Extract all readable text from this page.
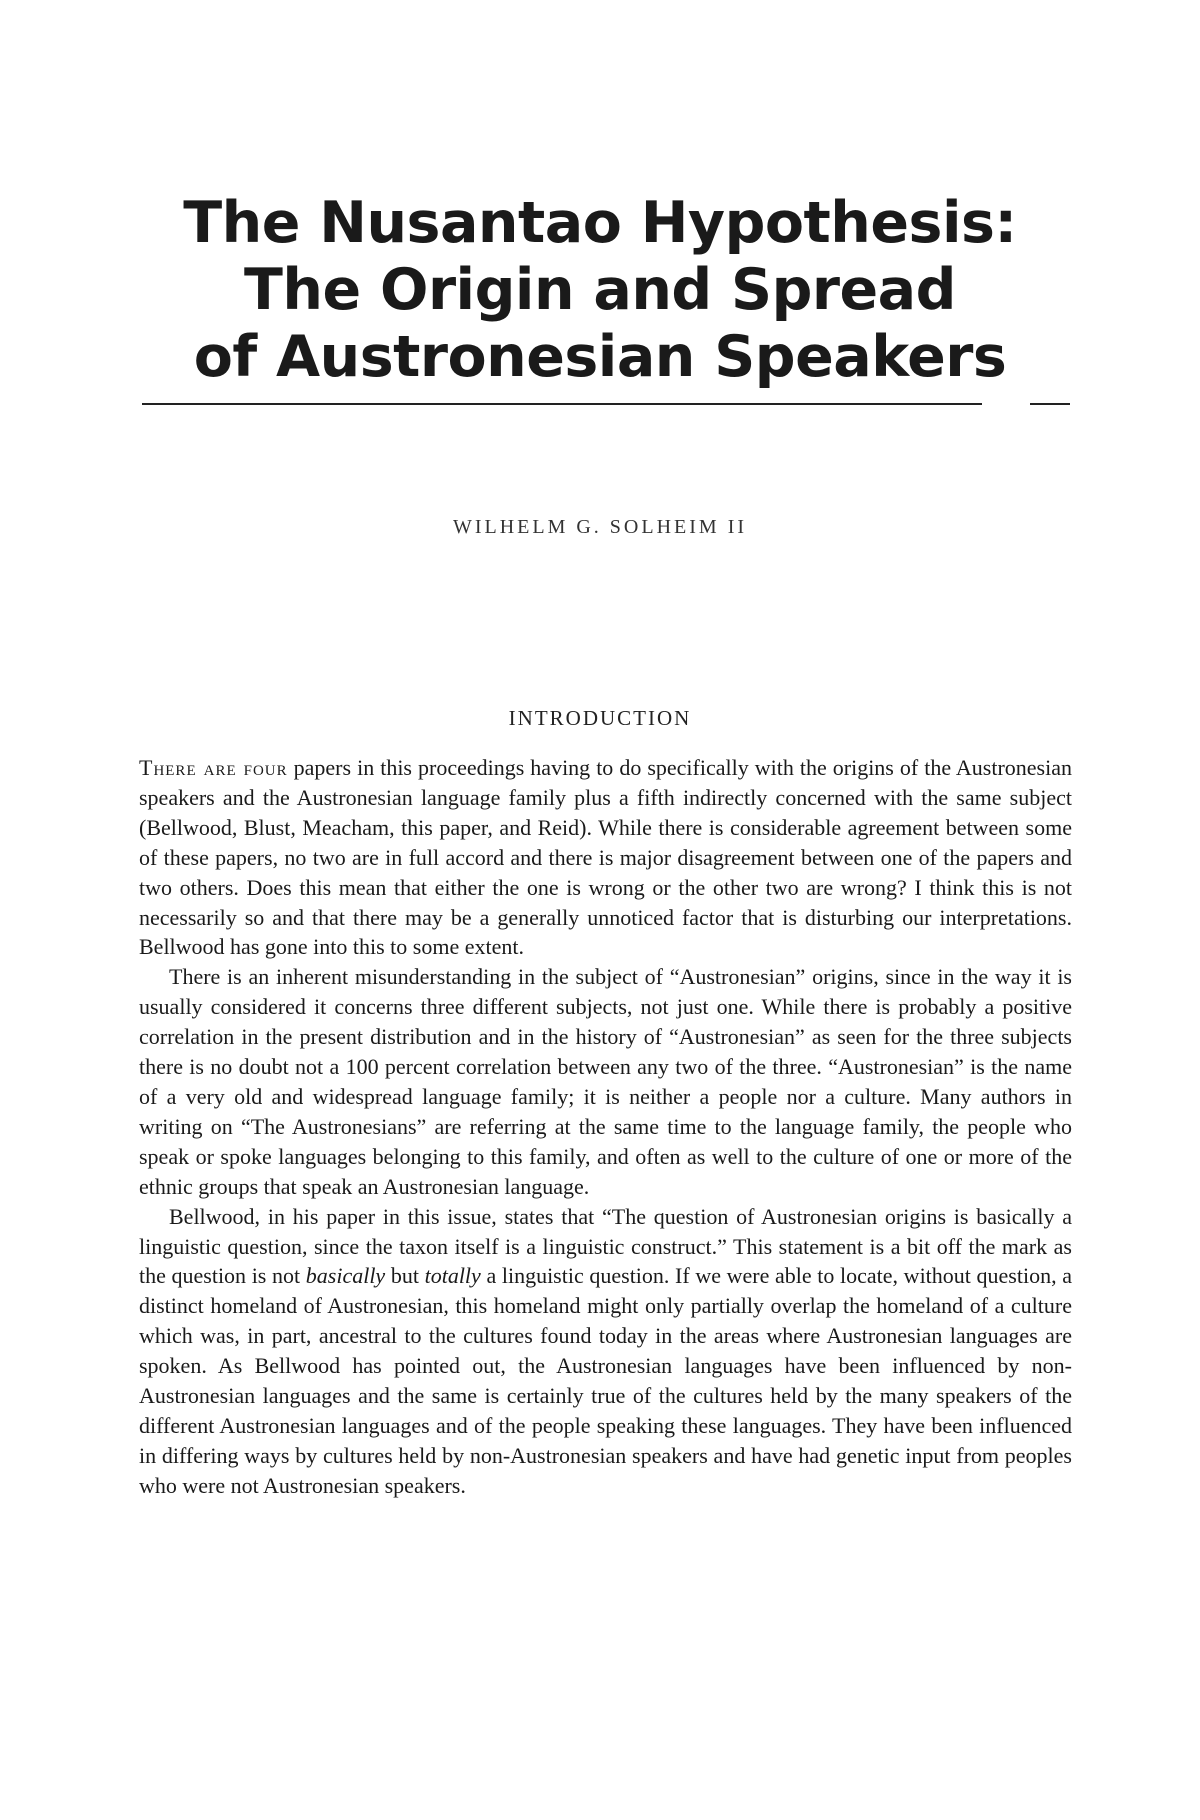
The Nusantao Hypothesis:
The Origin and Spread
of Austronesian Speakers
WILHELM G. SOLHEIM II
INTRODUCTION

There are four papers in this proceedings having to do specifically with the origins of the Austronesian speakers and the Austronesian language family plus a fifth indirectly concerned with the same subject (Bellwood, Blust, Meacham, this paper, and Reid). While there is considerable agreement between some of these papers, no two are in full accord and there is major disagreement between one of the papers and two others. Does this mean that either the one is wrong or the other two are wrong? I think this is not necessarily so and that there may be a generally unnoticed factor that is disturbing our interpretations. Bellwood has gone into this to some extent.

There is an inherent misunderstanding in the subject of “Austronesian” origins, since in the way it is usually considered it concerns three different subjects, not just one. While there is probably a positive correlation in the present distribution and in the history of “Austronesian” as seen for the three subjects there is no doubt not a 100 percent correlation between any two of the three. “Austronesian” is the name of a very old and widespread language family; it is neither a people nor a culture. Many authors in writing on “The Austronesians” are referring at the same time to the language family, the people who speak or spoke languages belonging to this family, and often as well to the culture of one or more of the ethnic groups that speak an Austronesian language.

Bellwood, in his paper in this issue, states that “The question of Austronesian origins is basically a linguistic question, since the taxon itself is a linguistic construct.” This statement is a bit off the mark as the question is not basically but totally a linguistic question. If we were able to locate, without question, a distinct homeland of Austronesian, this homeland might only partially overlap the homeland of a culture which was, in part, ancestral to the cultures found today in the areas where Austronesian languages are spoken. As Bellwood has pointed out, the Austronesian languages have been influenced by non-Austronesian languages and the same is certainly true of the cultures held by the many speakers of the different Austronesian languages and of the people speaking these languages. They have been influenced in differing ways by cultures held by non-Austronesian speakers and have had genetic input from peoples who were not Austronesian speakers.
